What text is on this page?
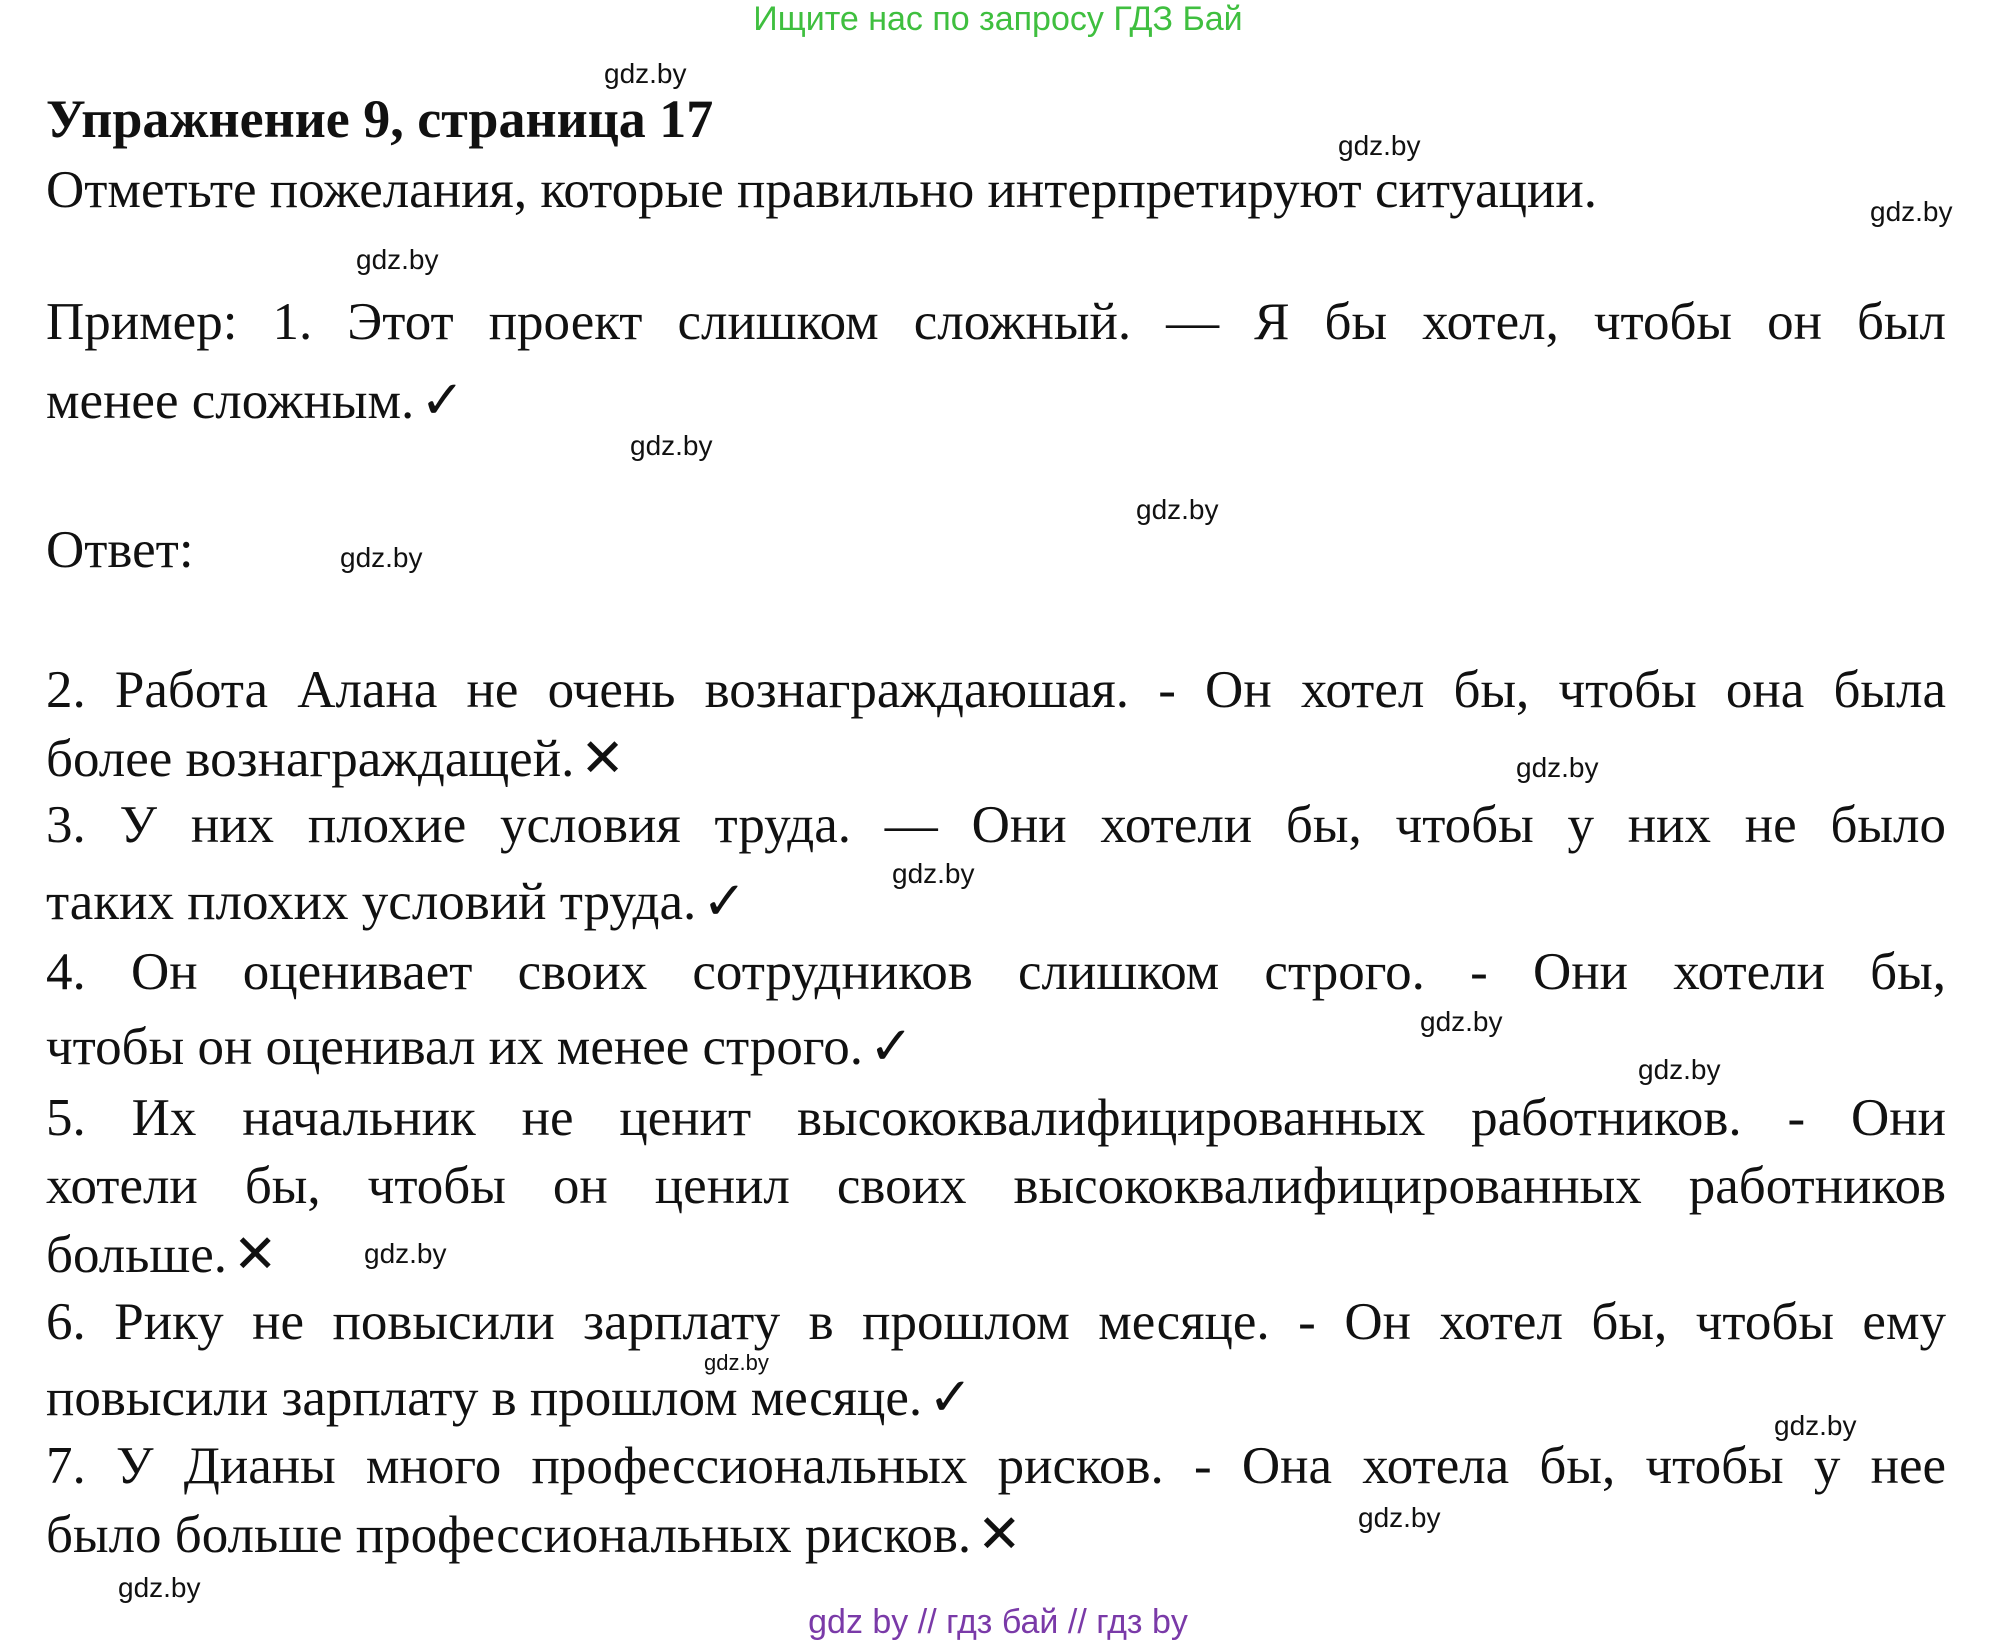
Ищите нас по запросу ГДЗ Бай
Упражнение 9, страница 17
Отметьте пожелания, которые правильно интерпретируют ситуации.
Пример: 1. Этот проект слишком сложный. — Я бы хотел, чтобы он был
менее сложным. ✓
Ответ:
2. Работа Алана не очень вознаграждаюшая. - Он хотел бы, чтобы она была
более вознаграждащей. ✕
3. У них плохие условия труда. — Они хотели бы, чтобы у них не было
таких плохих условий труда. ✓
4. Он оценивает своих сотрудников слишком строго. - Они хотели бы,
чтобы он оценивал их менее строго. ✓
5. Их начальник не ценит высококвалифицированных работников. - Они
хотели бы, чтобы он ценил своих высококвалифицированных работников
больше. ✕
6. Рику не повысили зарплату в прошлом месяце. - Он хотел бы, чтобы ему
повысили зарплату в прошлом месяце. ✓
7. У Дианы много профессиональных рисков. - Она хотела бы, чтобы у нее
было больше профессиональных рисков. ✕
gdz.by
gdz.by
gdz.by
gdz.by
gdz.by
gdz.by
gdz.by
gdz.by
gdz.by
gdz.by
gdz.by
gdz.by
gdz.by
gdz.by
gdz.by
gdz.by
gdz by // гдз бай // гдз by
